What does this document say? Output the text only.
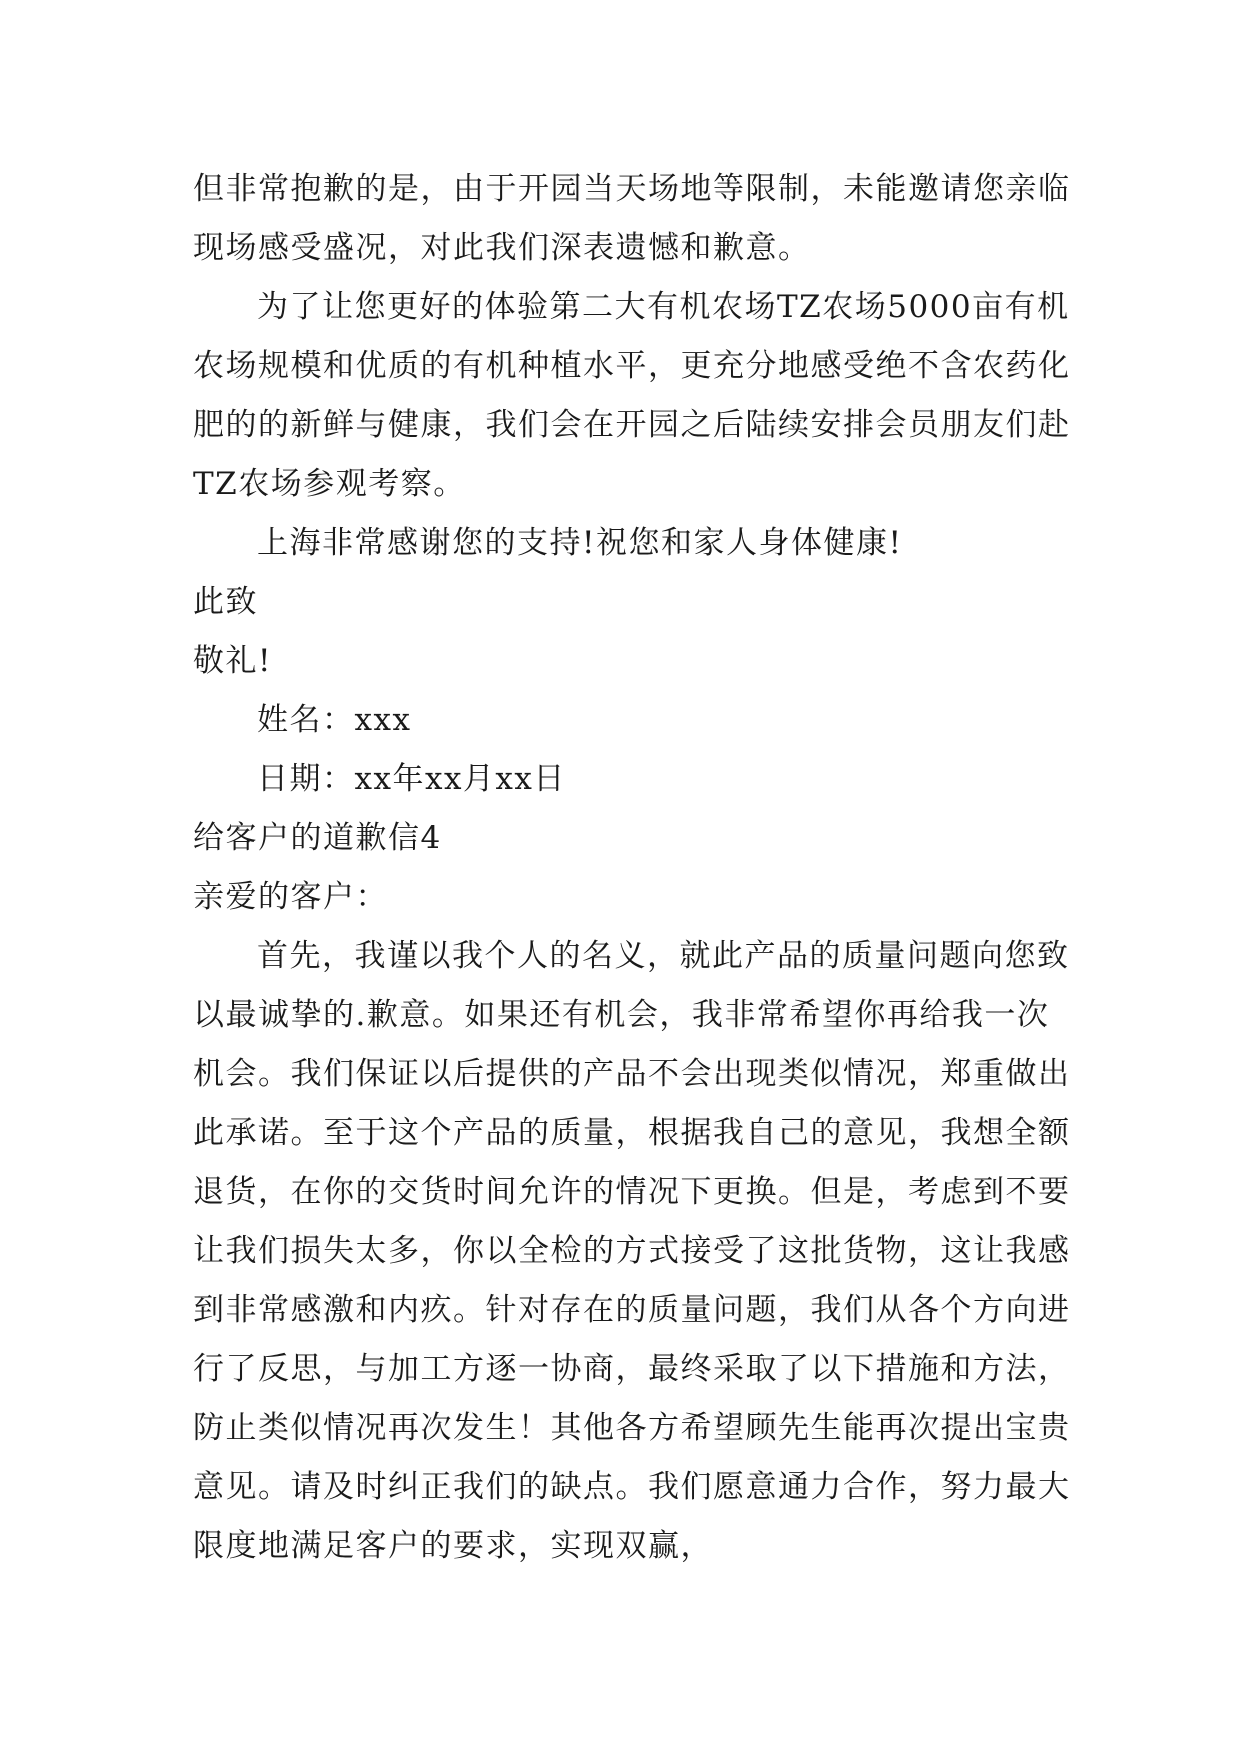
但非常抱歉的是，由于开园当天场地等限制，未能邀请您亲临现场感受盛况，对此我们深表遗憾和歉意。

为了让您更好的体验第二大有机农场TZ农场5000亩有机农场规模和优质的有机种植水平，更充分地感受绝不含农药化肥的的新鲜与健康，我们会在开园之后陆续安排会员朋友们赴TZ农场参观考察。

上海非常感谢您的支持!祝您和家人身体健康!

此致

敬礼!

姓名：xxx

日期：xx年xx月xx日

给客户的道歉信4

亲爱的客户：

首先，我谨以我个人的名义，就此产品的质量问题向您致以最诚挚的.歉意。如果还有机会，我非常希望你再给我一次机会。我们保证以后提供的产品不会出现类似情况，郑重做出此承诺。至于这个产品的质量，根据我自己的意见，我想全额退货，在你的交货时间允许的情况下更换。但是，考虑到不要让我们损失太多，你以全检的方式接受了这批货物，这让我感到非常感激和内疚。针对存在的质量问题，我们从各个方向进行了反思，与加工方逐一协商，最终采取了以下措施和方法，防止类似情况再次发生！其他各方希望顾先生能再次提出宝贵意见。请及时纠正我们的缺点。我们愿意通力合作，努力最大限度地满足客户的要求，实现双赢，
